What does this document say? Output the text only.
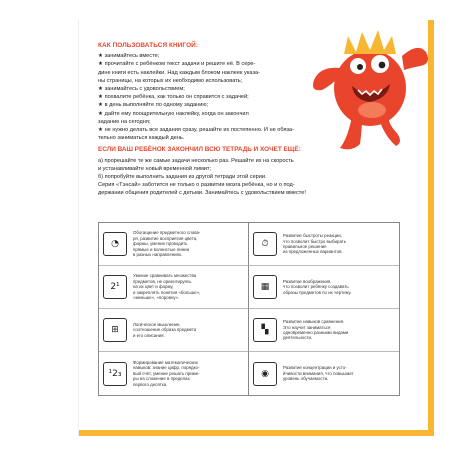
КАК ПОЛЬЗОВАТЬСЯ КНИГОЙ:

★ занимайтесь вместе;

★ прочитайте с ребёнком текст задачи и решите её. В сере-

дине книги есть наклейки. Над каждым блоком наклеек указа-

ны страницы, на которых их необходимо использовать;

★ занимайтесь с удовольствием;

★ похвалите ребёнка, как только он справится с задачей;

★ в день выполняйте по одному заданию;

★ дайте ему поощрительную наклейку, когда он закончил

задание на сегодня;

★ не нужно делать все задания сразу, решайте их постепенно. И не обяза-

тельно заниматься каждый день.

ЕСЛИ ВАШ РЕБЁНОК ЗАКОНЧИЛ ВСЮ ТЕТРАДЬ И ХОЧЕТ ЕЩЁ:

а) прорешайте те же самые задачи несколько раз. Решайте их на скорость

и устанавливайте новый временной лимит;

б) попробуйте выполнить задания из другой тетради этой серии.

Серия «Тэнсай» заботится не только о развитии мозга ребёнка, но и о под-

держании общения родителей с детьми. Занимайтесь с удовольствием вместе!

◔
Обогащение предметного слова-
ря, развитие восприятия цвета,
формы, умение проводить
прямые и волнистые линии
в разных направлениях.
⏱
Развитие быстроты реакции,
что позволит быстро выбирать
правильное решение
из предложенных вариантов.
2¹
Умение сравнивать множества
предметов, не ориентируясь
на их цвет и форму,
и закреплять понятия «больше»,
«меньше», «поровну».
▦
Развитие воображения,
что позволит ребёнку создавать
образы предметов по их чертежу.
⊞
Логическое мышление,
соотношение образа предмета
и его описания.
▚
Развитие навыков сравнения.
Это научит заниматься
одновременно разными видами
деятельности.
¹2₃
Формирование математических
навыков: знание цифр, порядко-
вый счёт, умение решать приме-
ры на сложение в пределах
первого десятка.
◉
Развитие концентрации и усто-
йчивости внимания, что повышает
уровень обучаемости.
